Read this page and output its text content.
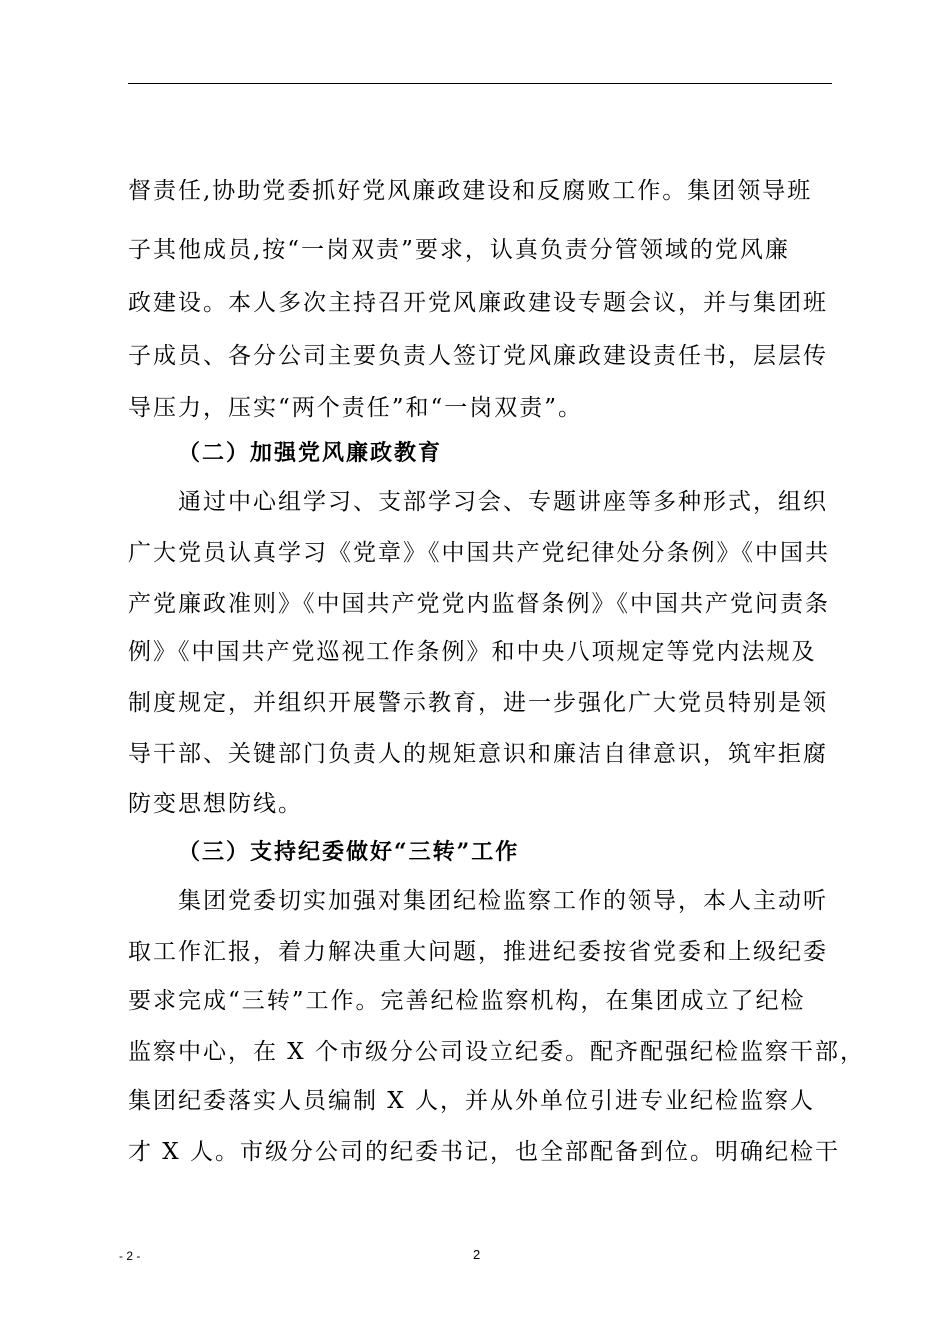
督责任,协助党委抓好党风廉政建设和反腐败工作。集团领导班
子其他成员,按“一岗双责”要求，认真负责分管领域的党风廉
政建设。本人多次主持召开党风廉政建设专题会议，并与集团班
子成员、各分公司主要负责人签订党风廉政建设责任书，层层传
导压力，压实“两个责任”和“一岗双责”。
（二）加强党风廉政教育
通过中心组学习、支部学习会、专题讲座等多种形式，组织
广大党员认真学习《党章》《中国共产党纪律处分条例》《中国共
产党廉政准则》《中国共产党党内监督条例》《中国共产党问责条
例》《中国共产党巡视工作条例》和中央八项规定等党内法规及
制度规定，并组织开展警示教育，进一步强化广大党员特别是领
导干部、关键部门负责人的规矩意识和廉洁自律意识，筑牢拒腐
防变思想防线。
（三）支持纪委做好“三转”工作
集团党委切实加强对集团纪检监察工作的领导，本人主动听
取工作汇报，着力解决重大问题，推进纪委按省党委和上级纪委
要求完成“三转”工作。完善纪检监察机构，在集团成立了纪检
监察中心，在 X 个市级分公司设立纪委。配齐配强纪检监察干部，
集团纪委落实人员编制 X 人，并从外单位引进专业纪检监察人
才 X 人。市级分公司的纪委书记，也全部配备到位。明确纪检干
- 2 -	2
